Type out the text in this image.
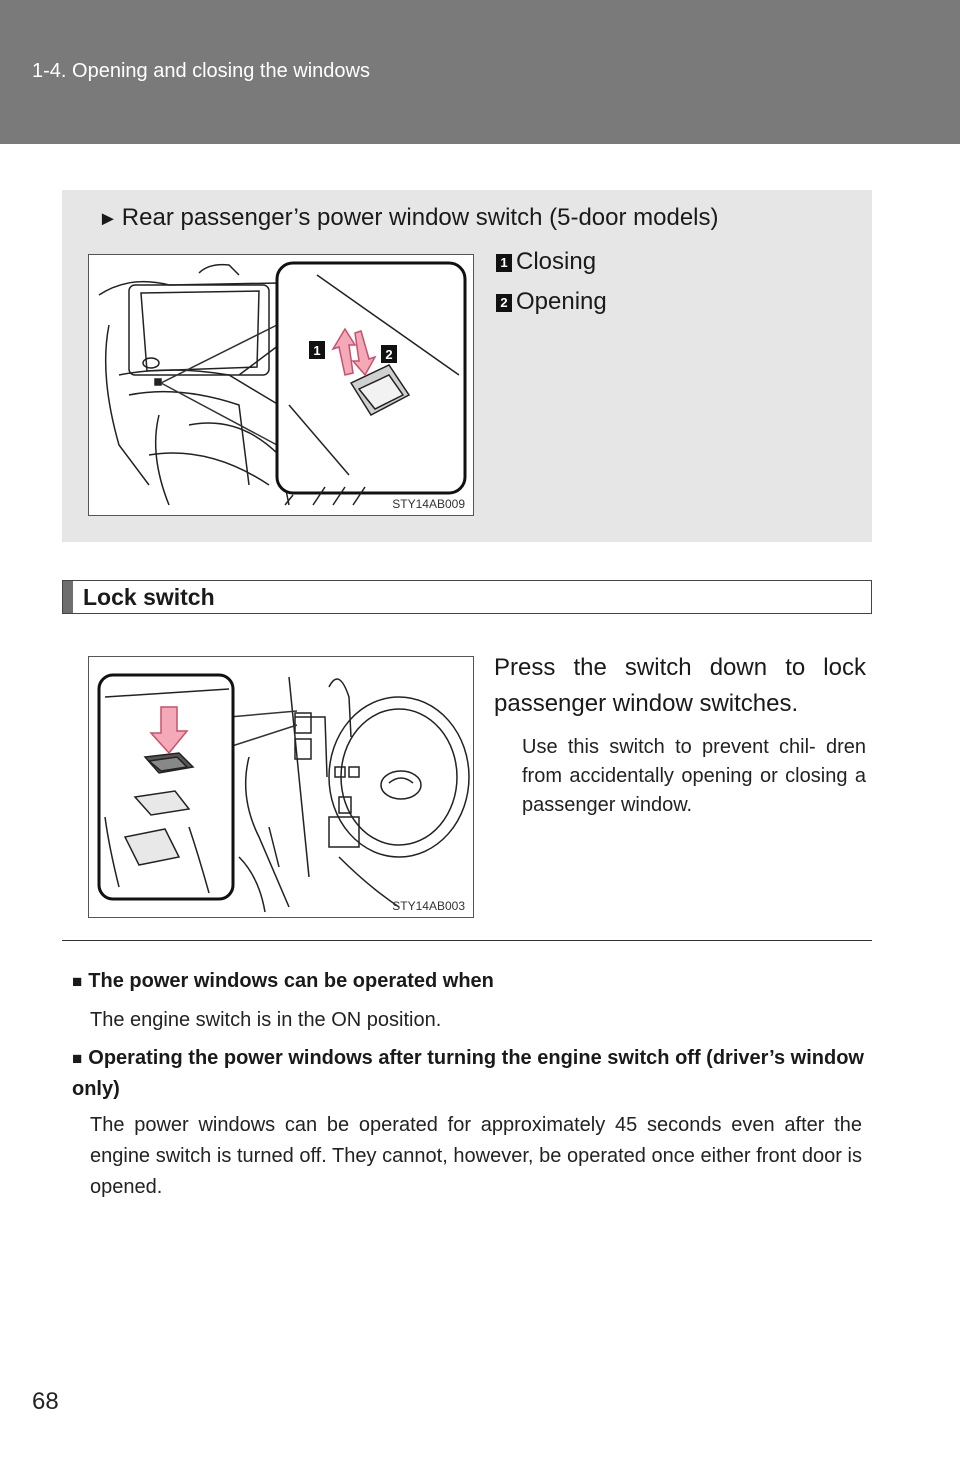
1-4. Opening and closing the windows
► Rear passenger’s power window switch (5-door models)
1	2
STY14AB009
1 Closing
2 Opening
Lock switch
STY14AB003
Press the switch down to lock passenger window switches.
Use this switch to prevent chil- dren from accidentally opening or closing a passenger window.
■ The power windows can be operated when
The engine switch is in the ON position.
■ Operating the power windows after turning the engine switch off (driver’s window only)
The power windows can be operated for approximately 45 seconds even after the engine switch is turned off. They cannot, however, be operated once either front door is opened.
68
